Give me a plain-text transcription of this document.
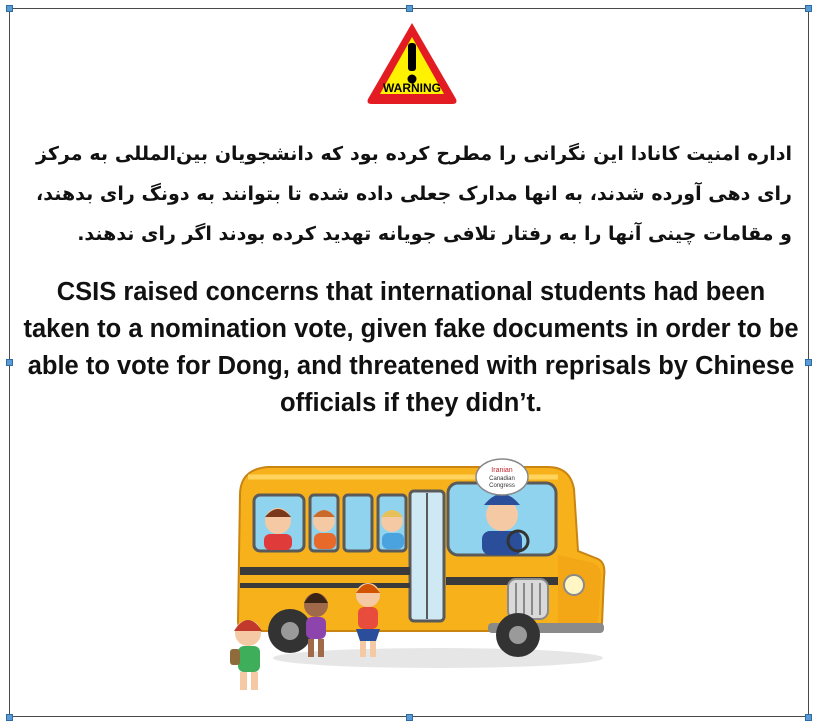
WARNING

اداره امنیت کانادا این نگرانی را مطرح کرده بود که دانشجویان بین‌المللی به مرکز رای دهی آورده شدند، به انها مدارک جعلی داده شده تا بتوانند به دونگ رای بدهند، و مقامات چینی آنها را به رفتار تلافی جویانه تهدید کرده بودند اگر رای ندهند.

CSIS raised concerns that international students had been taken to a nomination vote, given fake documents in order to be able to vote for Dong, and threatened with reprisals by Chinese officials if they didn’t.

Iranian
Canadian
Congress
